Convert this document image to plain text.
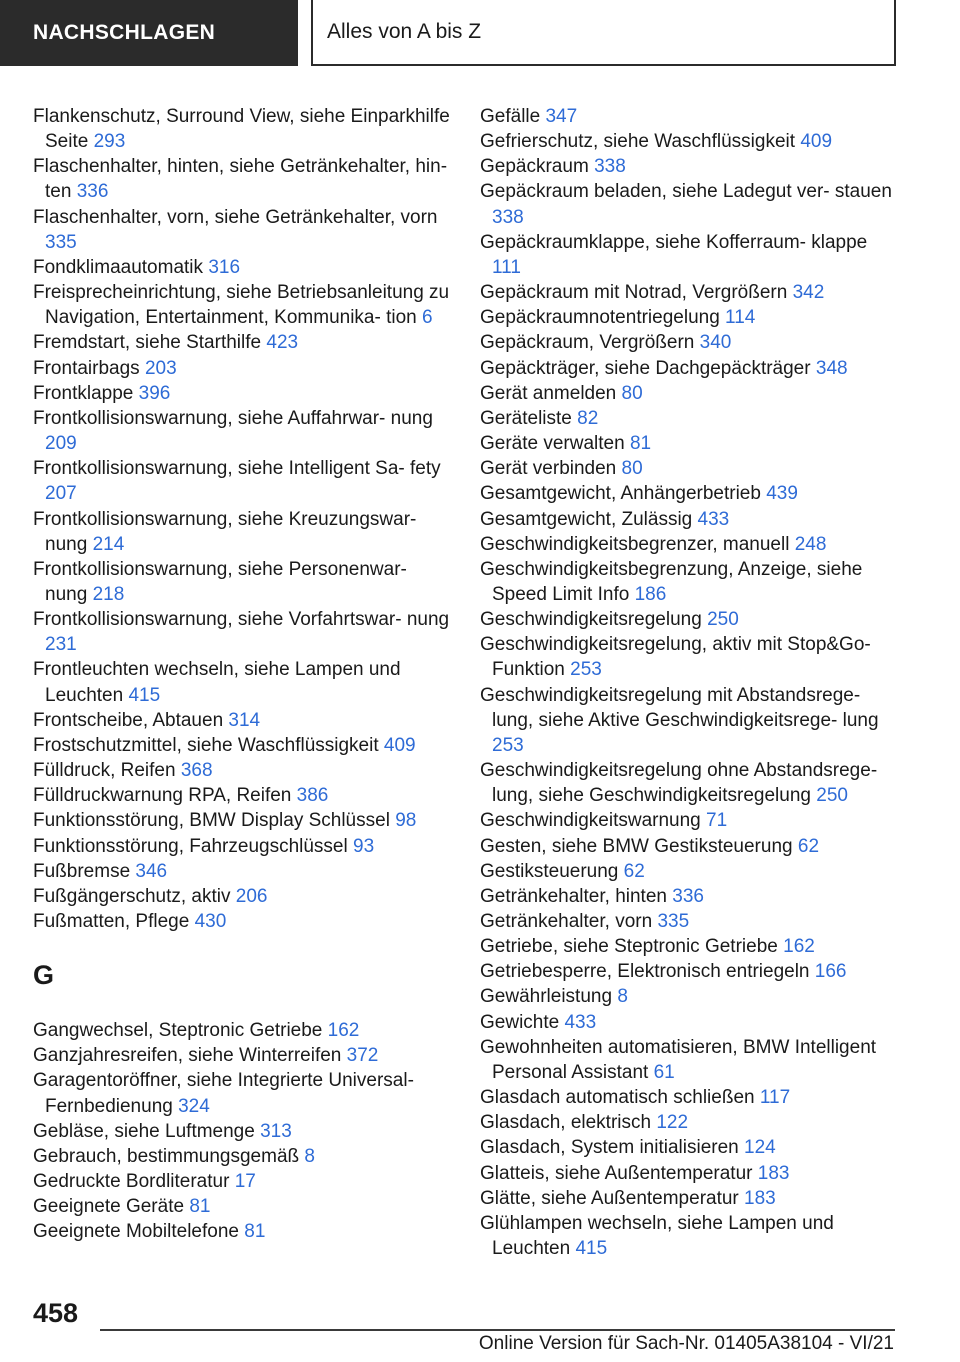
NACHSCHLAGEN	Alles von A bis Z
Flankenschutz, Surround View, siehe Einparkhilfe Seite 293
Flaschenhalter, hinten, siehe Getränkehalter, hin‐ ten 336
Flaschenhalter, vorn, siehe Getränkehalter, vorn 335
Fondklimaautomatik 316
Freisprecheinrichtung, siehe Betriebsanleitung zu Navigation, Entertainment, Kommunika‐ tion 6
Fremdstart, siehe Starthilfe 423
Frontairbags 203
Frontklappe 396
Frontkollisionswarnung, siehe Auffahrwar‐ nung 209
Frontkollisionswarnung, siehe Intelligent Sa‐ fety 207
Frontkollisionswarnung, siehe Kreuzungswar‐ nung 214
Frontkollisionswarnung, siehe Personenwar‐ nung 218
Frontkollisionswarnung, siehe Vorfahrtswar‐ nung 231
Frontleuchten wechseln, siehe Lampen und Leuchten 415
Frontscheibe, Abtauen 314
Frostschutzmittel, siehe Waschflüssigkeit 409
Fülldruck, Reifen 368
Fülldruckwarnung RPA, Reifen 386
Funktionsstörung, BMW Display Schlüssel 98
Funktionsstörung, Fahrzeugschlüssel 93
Fußbremse 346
Fußgängerschutz, aktiv 206
Fußmatten, Pflege 430
G
Gangwechsel, Steptronic Getriebe 162
Ganzjahresreifen, siehe Winterreifen 372
Garagentoröffner, siehe Integrierte Universal‐ Fernbedienung 324
Gebläse, siehe Luftmenge 313
Gebrauch, bestimmungsgemäß 8
Gedruckte Bordliteratur 17
Geeignete Geräte 81
Geeignete Mobiltelefone 81
Gefälle 347
Gefrierschutz, siehe Waschflüssigkeit 409
Gepäckraum 338
Gepäckraum beladen, siehe Ladegut ver‐ stauen 338
Gepäckraumklappe, siehe Kofferraum‐ klappe 111
Gepäckraum mit Notrad, Vergrößern 342
Gepäckraumnotentriegelung 114
Gepäckraum, Vergrößern 340
Gepäckträger, siehe Dachgepäckträger 348
Gerät anmelden 80
Geräteliste 82
Geräte verwalten 81
Gerät verbinden 80
Gesamtgewicht, Anhängerbetrieb 439
Gesamtgewicht, Zulässig 433
Geschwindigkeitsbegrenzer, manuell 248
Geschwindigkeitsbegrenzung, Anzeige, siehe Speed Limit Info 186
Geschwindigkeitsregelung 250
Geschwindigkeitsregelung, aktiv mit Stop&Go- Funktion 253
Geschwindigkeitsregelung mit Abstandsrege‐ lung, siehe Aktive Geschwindigkeitsrege‐ lung 253
Geschwindigkeitsregelung ohne Abstandsrege‐ lung, siehe Geschwindigkeitsregelung 250
Geschwindigkeitswarnung 71
Gesten, siehe BMW Gestiksteuerung 62
Gestiksteuerung 62
Getränkehalter, hinten 336
Getränkehalter, vorn 335
Getriebe, siehe Steptronic Getriebe 162
Getriebesperre, Elektronisch entriegeln 166
Gewährleistung 8
Gewichte 433
Gewohnheiten automatisieren, BMW Intelligent Personal Assistant 61
Glasdach automatisch schließen 117
Glasdach, elektrisch 122
Glasdach, System initialisieren 124
Glatteis, siehe Außentemperatur 183
Glätte, siehe Außentemperatur 183
Glühlampen wechseln, siehe Lampen und Leuchten 415
458
Online Version für Sach-Nr. 01405A38104 - VI/21
